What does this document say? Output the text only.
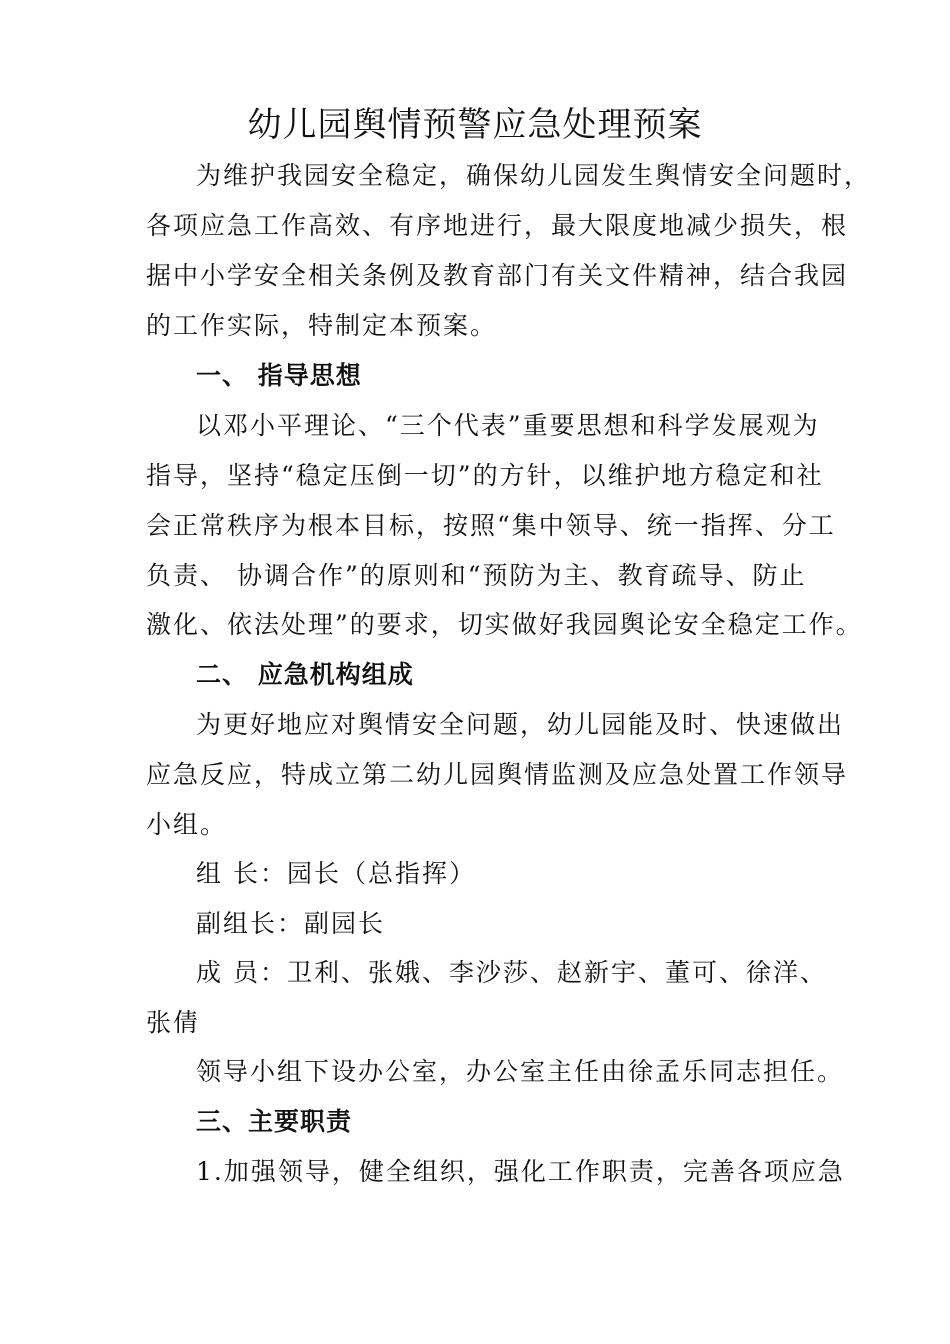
幼儿园舆情预警应急处理预案
为维护我园安全稳定，确保幼儿园发生舆情安全问题时，
各项应急工作高效、有序地进行，最大限度地减少损失，根
据中小学安全相关条例及教育部门有关文件精神，结合我园
的工作实际，特制定本预案。
一、 指导思想
以邓小平理论、“三个代表”重要思想和科学发展观为
指导，坚持“稳定压倒一切”的方针，以维护地方稳定和社
会正常秩序为根本目标，按照“集中领导、统一指挥、分工
负责、 协调合作”的原则和“预防为主、教育疏导、防止
激化、依法处理”的要求，切实做好我园舆论安全稳定工作。
二、 应急机构组成
为更好地应对舆情安全问题，幼儿园能及时、快速做出
应急反应，特成立第二幼儿园舆情监测及应急处置工作领导
小组。
组 长：园长（总指挥）
副组长：副园长
成 员：卫利、张娥、李沙莎、赵新宇、董可、徐洋、
张倩
领导小组下设办公室，办公室主任由徐孟乐同志担任。
三、主要职责
1.加强领导，健全组织，强化工作职责，完善各项应急
